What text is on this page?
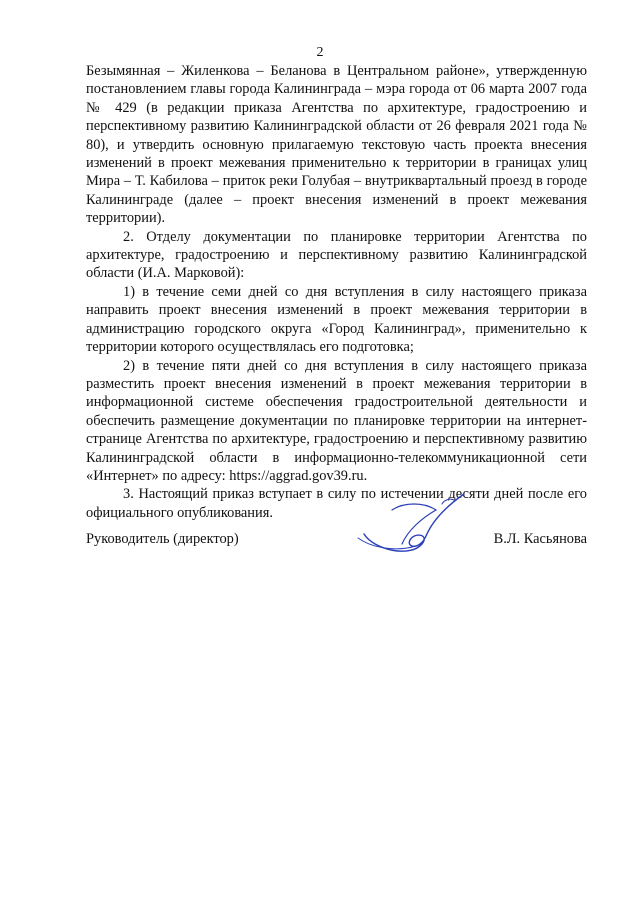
2

Безымянная – Жиленкова – Беланова в Центральном районе», утвержденную постановлением главы города Калининграда – мэра города от 06 марта 2007 года № 429 (в редакции приказа Агентства по архитектуре, градостроению и перспективному развитию Калининградской области от 26 февраля 2021 года № 80), и утвердить основную прилагаемую текстовую часть проекта внесения изменений в проект межевания применительно к территории в границах улиц Мира – Т. Кабилова – приток реки Голубая – внутриквартальный проезд в городе Калининграде (далее – проект внесения изменений в проект межевания территории).

2. Отделу документации по планировке территории Агентства по архитектуре, градостроению и перспективному развитию Калининградской области (И.А. Марковой):

1) в течение семи дней со дня вступления в силу настоящего приказа направить проект внесения изменений в проект межевания территории в администрацию городского округа «Город Калининград», применительно к территории которого осуществлялась его подготовка;

2) в течение пяти дней со дня вступления в силу настоящего приказа разместить проект внесения изменений в проект межевания территории в информационной системе обеспечения градостроительной деятельности и обеспечить размещение документации по планировке территории на интернет-странице Агентства по архитектуре, градостроению и перспективному развитию Калининградской области в информационно-телекоммуникационной сети «Интернет» по адресу: https://aggrad.gov39.ru.

3. Настоящий приказ вступает в силу по истечении десяти дней после его официального опубликования.

Руководитель (директор)	В.Л. Касьянова
